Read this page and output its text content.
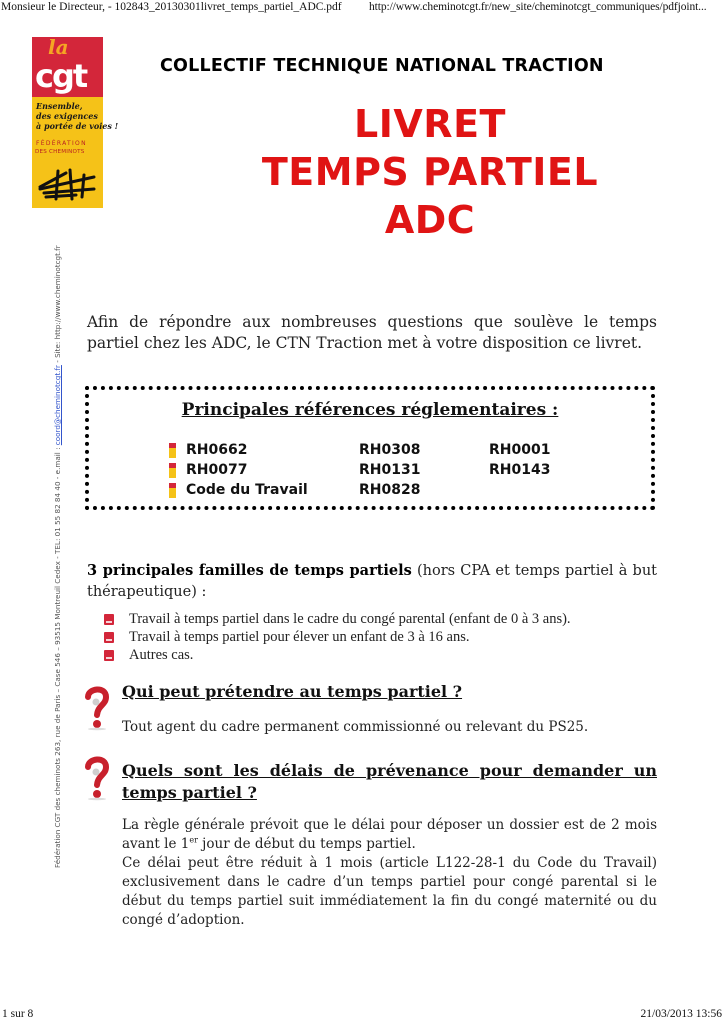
Monsieur le Directeur, - 102843_20130301livret_temps_partiel_ADC.pdf http://www.cheminotcgt.fr/new_site/cheminotcgt_communiques/pdfjoint...
la
cgt
Ensemble,
des exigences
à portée de voies !
FÉDÉRATION
DES CHEMINOTS
Fédération CGT des cheminots 263, rue de Paris – Case 546 – 93515 Montreuil Cedex - TEL: 01 55 82 84 40 - e.mail : coord@cheminotcgt.fr - Site: http://www.cheminotcgt.fr
COLLECTIF TECHNIQUE NATIONAL TRACTION
LIVRET
TEMPS PARTIEL
ADC
Afin de répondre aux nombreuses questions que soulève le temps partiel chez les ADC, le CTN Traction met à votre disposition ce livret.
Principales références réglementaires :
RH0662	RH0308	RH0001
RH0077	RH0131	RH0143
Code du Travail	RH0828
3 principales familles de temps partiels (hors CPA et temps partiel à but thérapeutique) :
Travail à temps partiel dans le cadre du congé parental (enfant de 0 à 3 ans).
Travail à temps partiel pour élever un enfant de 3 à 16 ans.
Autres cas.
Qui peut prétendre au temps partiel ?
Tout agent du cadre permanent commissionné ou relevant du PS25.
Quels sont les délais de prévenance pour demander un
temps partiel ?

La règle générale prévoit que le délai pour déposer un dossier est de 2 mois avant le 1er jour de début du temps partiel.

Ce délai peut être réduit à 1 mois (article L122-28-1 du Code du Travail) exclusivement dans le cadre d’un temps partiel pour congé parental si le début du temps partiel suit immédiatement la fin du congé maternité ou du congé d’adoption.

1 sur 8	21/03/2013 13:56
